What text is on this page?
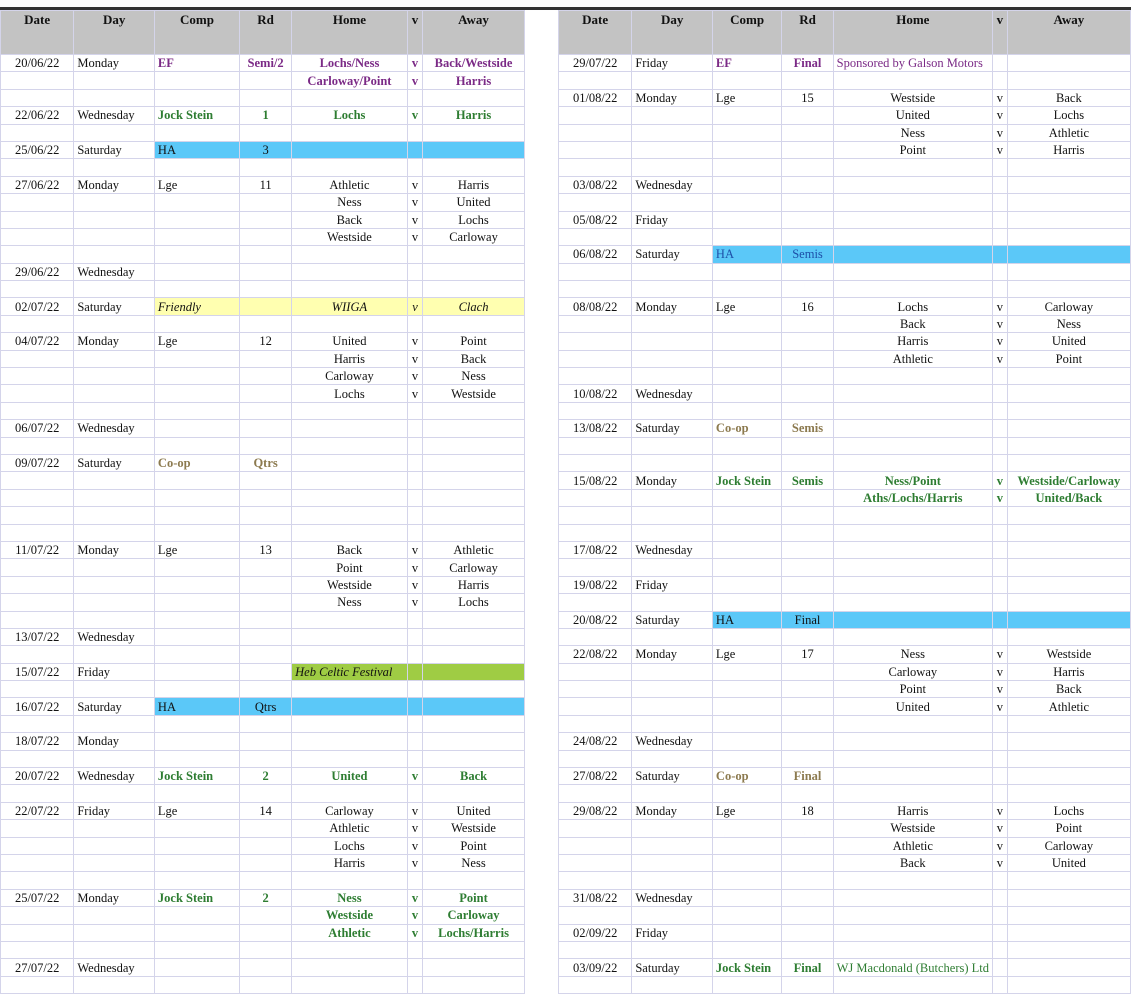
Date	Day	Comp	Rd	Home	v	Away		Date	Day	Comp	Rd	Home	v	Away
20/06/22	Monday	EF	Semi/2	Lochs/Ness	v	Back/Westside		29/07/22	Friday	EF	Final	Sponsored by Galson Motors		
				Carloway/Point	v	Harris								
								01/08/22	Monday	Lge	15	Westside	v	Back
22/06/22	Wednesday	Jock Stein	1	Lochs	v	Harris						United	v	Lochs
												Ness	v	Athletic
25/06/22	Saturday	HA	3									Point	v	Harris

27/06/22	Monday	Lge	11	Athletic	v	Harris		03/08/22	Wednesday					
				Ness	v	United								
				Back	v	Lochs		05/08/22	Friday					
				Westside	v	Carloway								
								06/08/22	Saturday	HA	Semis			
29/06/22	Wednesday													

02/07/22	Saturday	Friendly		WIIGA	v	Clach		08/08/22	Monday	Lge	16	Lochs	v	Carloway
												Back	v	Ness
04/07/22	Monday	Lge	12	United	v	Point						Harris	v	United
				Harris	v	Back						Athletic	v	Point
				Carloway	v	Ness								
				Lochs	v	Westside		10/08/22	Wednesday					

06/07/22	Wednesday							13/08/22	Saturday	Co-op	Semis			

09/07/22	Saturday	Co-op	Qtrs											
								15/08/22	Monday	Jock Stein	Semis	Ness/Point	v	Westside/Carloway
												Aths/Lochs/Harris	v	United/Back

11/07/22	Monday	Lge	13	Back	v	Athletic		17/08/22	Wednesday					
				Point	v	Carloway								
				Westside	v	Harris		19/08/22	Friday					
				Ness	v	Lochs								
								20/08/22	Saturday	HA	Final			
13/07/22	Wednesday													
								22/08/22	Monday	Lge	17	Ness	v	Westside
15/07/22	Friday			Heb Celtic Festival								Carloway	v	Harris
												Point	v	Back
16/07/22	Saturday	HA	Qtrs									United	v	Athletic

18/07/22	Monday							24/08/22	Wednesday					

20/07/22	Wednesday	Jock Stein	2	United	v	Back		27/08/22	Saturday	Co-op	Final			

22/07/22	Friday	Lge	14	Carloway	v	United		29/08/22	Monday	Lge	18	Harris	v	Lochs
				Athletic	v	Westside						Westside	v	Point
				Lochs	v	Point						Athletic	v	Carloway
				Harris	v	Ness						Back	v	United

25/07/22	Monday	Jock Stein	2	Ness	v	Point		31/08/22	Wednesday					
				Westside	v	Carloway								
				Athletic	v	Lochs/Harris		02/09/22	Friday					

27/07/22	Wednesday							03/09/22	Saturday	Jock Stein	Final	WJ Macdonald (Butchers) Ltd		
